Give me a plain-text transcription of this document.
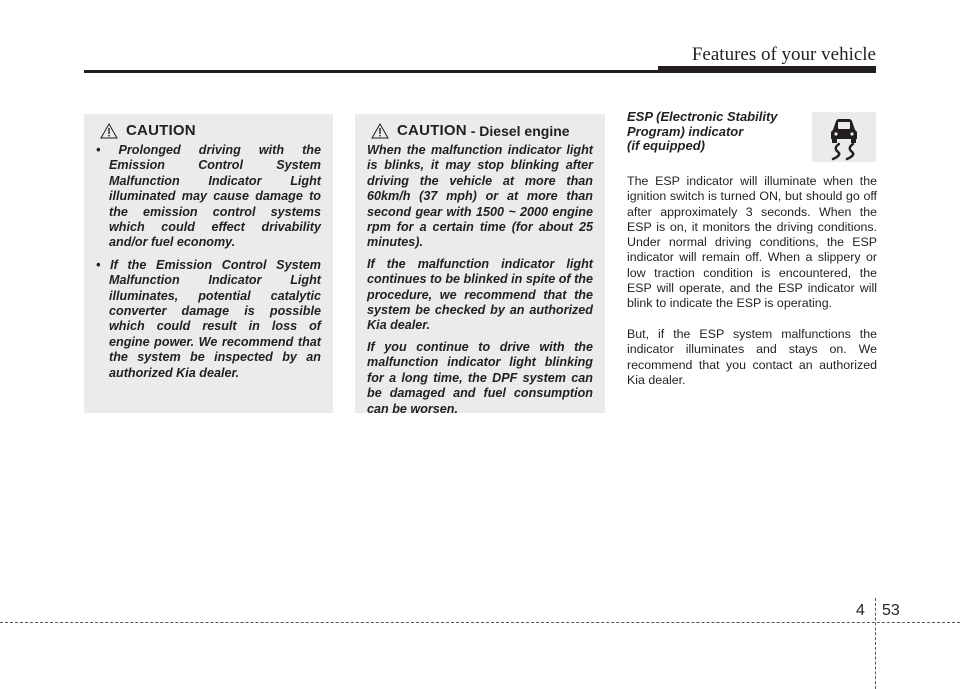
Features of your vehicle
CAUTION
• Prolonged driving with the Emission Control System Malfunction Indicator Light illuminated may cause damage to the emission control systems which could effect drivability and/or fuel economy.
• If the Emission Control System Malfunction Indicator Light illuminates, potential catalytic converter damage is possible which could result in loss of engine power. We recommend that the system be inspected by an authorized Kia dealer.
CAUTION - Diesel engine

When the malfunction indicator light is blinks, it may stop blinking after driving the vehicle at more than 60km/h (37 mph) or at more than second gear with 1500 ~ 2000 engine rpm for a certain time (for about 25 minutes).

If the malfunction indicator light continues to be blinked in spite of the procedure, we recommend that the system be checked by an authorized Kia dealer.

If you continue to drive with the malfunction indicator light blinking for a long time, the DPF system can be damaged and fuel consumption can be worsen.

ESP (Electronic Stability
Program) indicator
(if equipped)

The ESP indicator will illuminate when the ignition switch is turned ON, but should go off after approximately 3 seconds. When the ESP is on, it monitors the driving conditions. Under normal driving conditions, the ESP indicator will remain off. When a slippery or low traction condition is encountered, the ESP will operate, and the ESP indicator will blink to indicate the ESP is operating.

But, if the ESP system malfunctions the indicator illuminates and stays on. We recommend that you contact an authorized Kia dealer.

4 53
